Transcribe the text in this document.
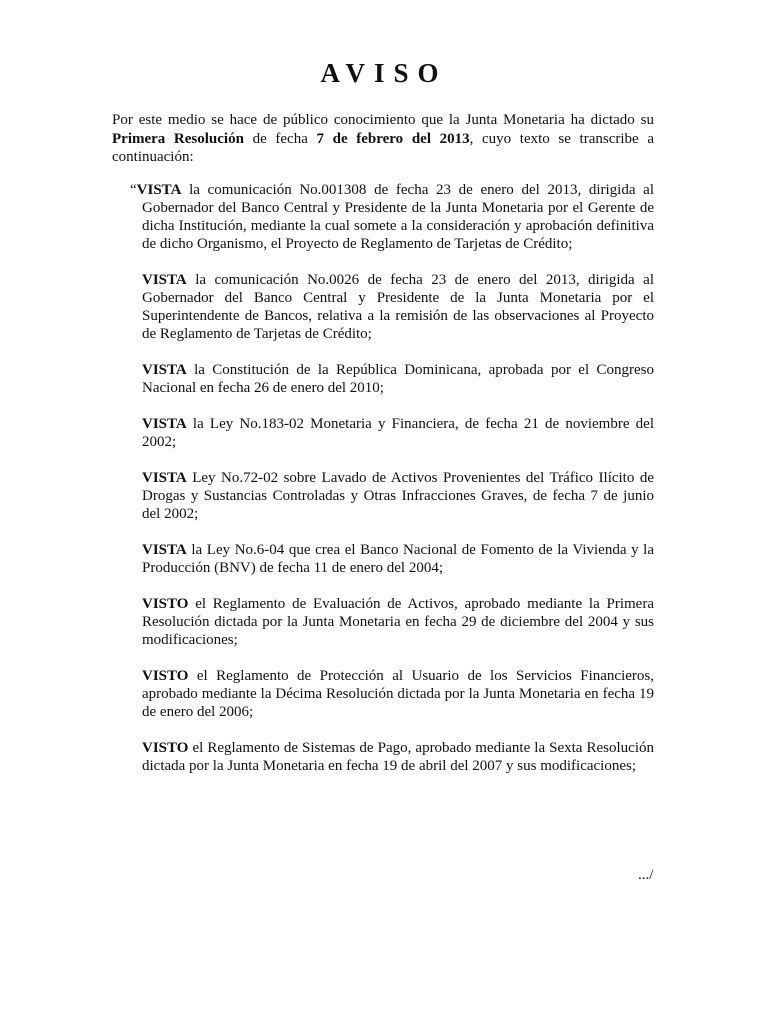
AVISO
Por este medio se hace de público conocimiento que la Junta Monetaria ha dictado su Primera Resolución de fecha 7 de febrero del 2013, cuyo texto se transcribe a continuación:
“VISTA la comunicación No.001308 de fecha 23 de enero del 2013, dirigida al Gobernador del Banco Central y Presidente de la Junta Monetaria por el Gerente de dicha Institución, mediante la cual somete a la consideración y aprobación definitiva de dicho Organismo, el Proyecto de Reglamento de Tarjetas de Crédito;
VISTA la comunicación No.0026 de fecha 23 de enero del 2013, dirigida al Gobernador del Banco Central y Presidente de la Junta Monetaria por el Superintendente de Bancos, relativa a la remisión de las observaciones al Proyecto de Reglamento de Tarjetas de Crédito;
VISTA la Constitución de la República Dominicana, aprobada por el Congreso Nacional en fecha 26 de enero del 2010;
VISTA la Ley No.183-02 Monetaria y Financiera, de fecha 21 de noviembre del 2002;
VISTA Ley No.72-02 sobre Lavado de Activos Provenientes del Tráfico Ilícito de Drogas y Sustancias Controladas y Otras Infracciones Graves, de fecha 7 de junio del 2002;
VISTA la Ley No.6-04 que crea el Banco Nacional de Fomento de la Vivienda y la Producción (BNV) de fecha 11 de enero del 2004;
VISTO el Reglamento de Evaluación de Activos, aprobado mediante la Primera Resolución dictada por la Junta Monetaria en fecha 29 de diciembre del 2004 y sus modificaciones;
VISTO el Reglamento de Protección al Usuario de los Servicios Financieros, aprobado mediante la Décima Resolución dictada por la Junta Monetaria en fecha 19 de enero del 2006;
VISTO el Reglamento de Sistemas de Pago, aprobado mediante la Sexta Resolución dictada por la Junta Monetaria en fecha 19 de abril del 2007 y sus modificaciones;
.../
